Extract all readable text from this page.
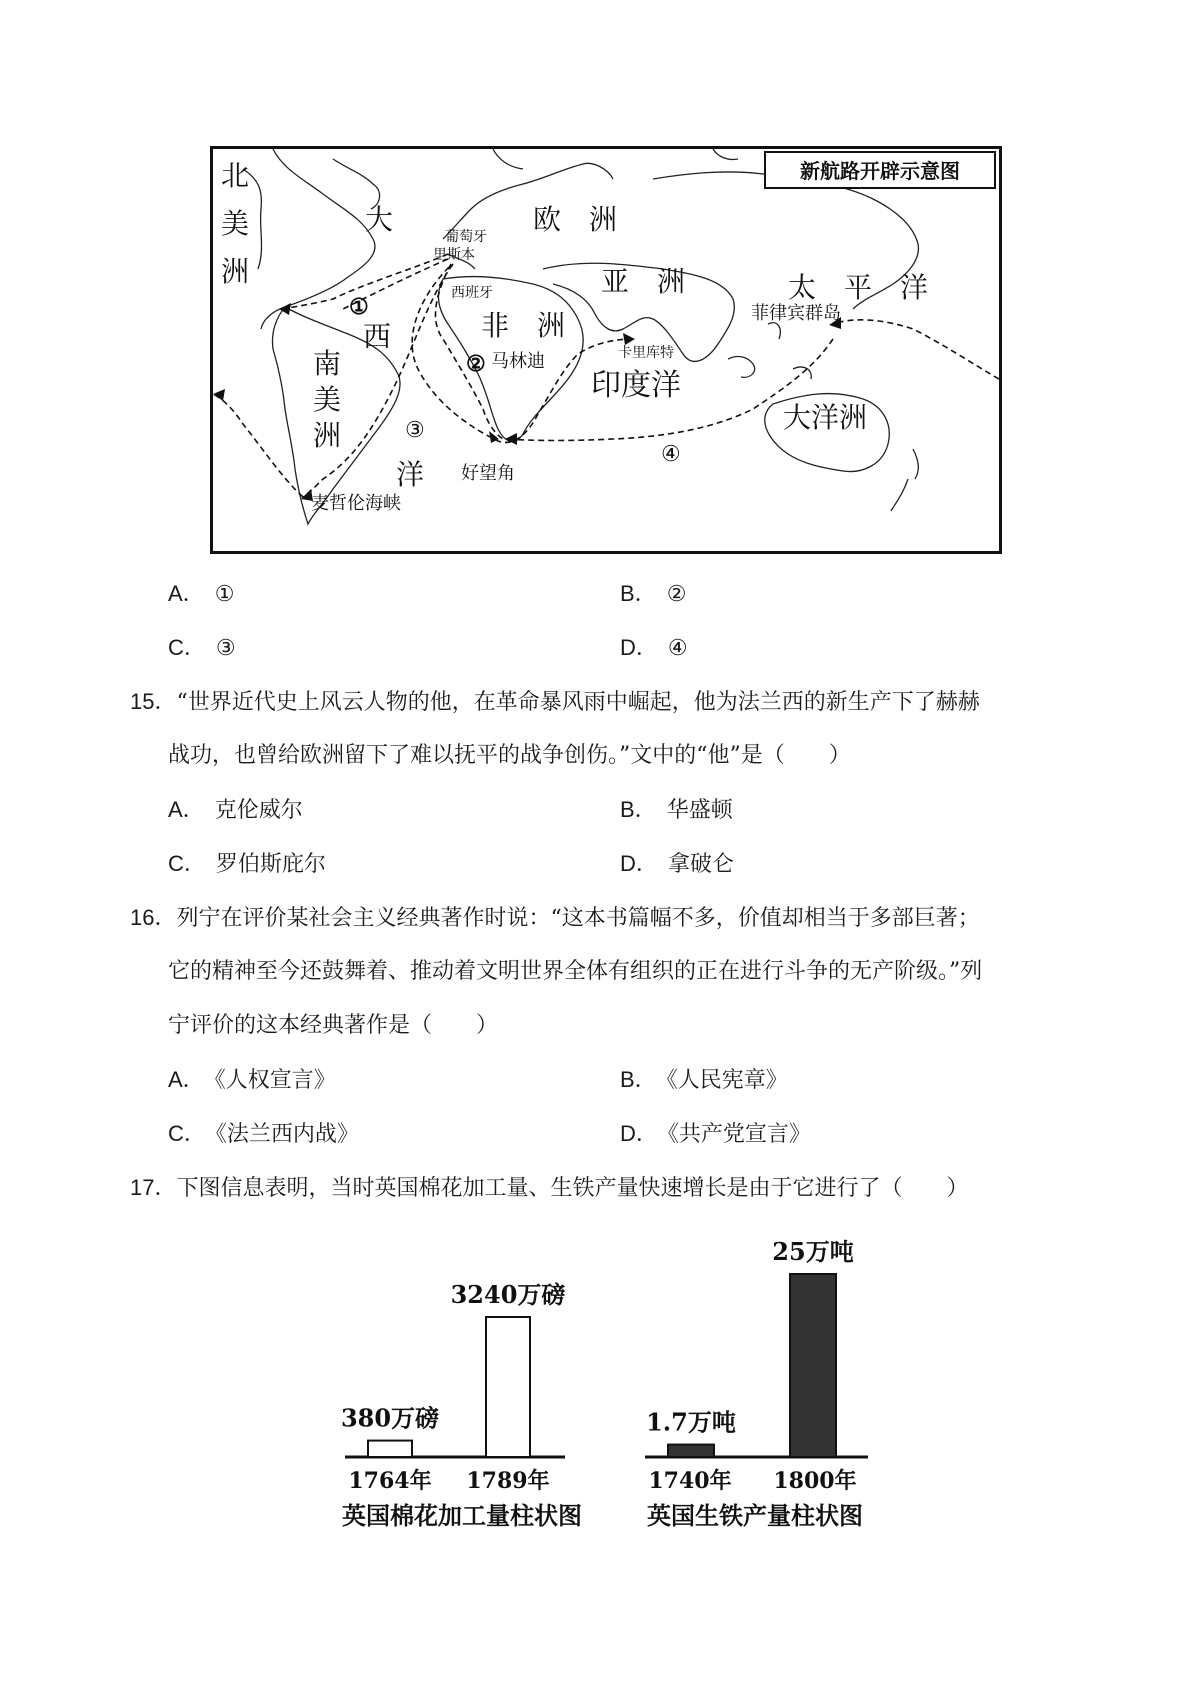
新航路开辟示意图
北
美
洲
大
西
洋
欧　洲
亚　洲
非　洲
太　平　洋
南
美
洲
印度洋
大洋洲
葡萄牙
里斯本
西班牙
马林迪	卡里库特
菲律宾群岛
好望角
麦哲伦海峡
①
②
③
④
A． ①	B． ②
C． ③	D． ④
15．“世界近代史上风云人物的他，在革命暴风雨中崛起，他为法兰西的新生产下了赫赫
战功，也曾给欧洲留下了难以抚平的战争创伤。”文中的“他”是（　　）
A． 克伦威尔	B． 华盛顿
C． 罗伯斯庇尔	D． 拿破仑
16．列宁在评价某社会主义经典著作时说：“这本书篇幅不多，价值却相当于多部巨著；
它的精神至今还鼓舞着、推动着文明世界全体有组织的正在进行斗争的无产阶级。”列
宁评价的这本经典著作是（　　）
A． 《人权宣言》	B． 《人民宪章》
C． 《法兰西内战》	D． 《共产党宣言》
17．下图信息表明，当时英国棉花加工量、生铁产量快速增长是由于它进行了（　　）
380万磅
3240万磅
1764年 1789年
英国棉花加工量柱状图
1.7万吨
25万吨
1740年 1800年
英国生铁产量柱状图
